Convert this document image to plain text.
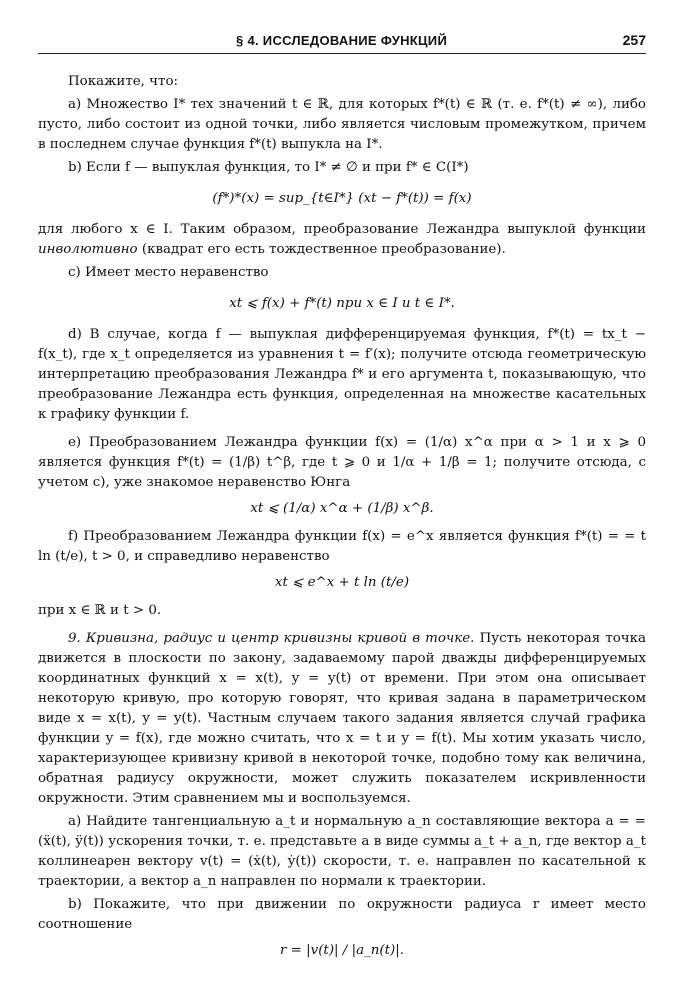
§ 4. ИССЛЕДОВАНИЕ ФУНКЦИЙ	257

Покажите, что:

a) Множество I* тех значений t ∈ ℝ, для которых f*(t) ∈ ℝ (т. е. f*(t) ≠ ∞), либо пусто, либо состоит из одной точки, либо является числовым промежутком, причем в последнем случае функция f*(t) выпукла на I*.

b) Если f — выпуклая функция, то I* ≠ ∅ и при f* ∈ C(I*)

(f*)*(x) = sup_{t∈I*} (xt − f*(t)) = f(x)

для любого x ∈ I. Таким образом, преобразование Лежандра выпуклой функции инволютивно (квадрат его есть тождественное преобразование).

c) Имеет место неравенство

xt ⩽ f(x) + f*(t) при x ∈ I и t ∈ I*.

d) В случае, когда f — выпуклая дифференцируемая функция, f*(t) = tx_t − f(x_t), где x_t определяется из уравнения t = f′(x); получите отсюда геометрическую интерпретацию преобразования Лежандра f* и его аргумента t, показывающую, что преобразование Лежандра есть функция, определенная на множестве касательных к графику функции f.

e) Преобразованием Лежандра функции f(x) = (1/α) x^α при α > 1 и x ⩾ 0 является функция f*(t) = (1/β) t^β, где t ⩾ 0 и 1/α + 1/β = 1; получите отсюда, с учетом c), уже знакомое неравенство Юнга

xt ⩽ (1/α) x^α + (1/β) x^β.

f) Преобразованием Лежандра функции f(x) = e^x является функция f*(t) = = t ln (t/e), t > 0, и справедливо неравенство

xt ⩽ e^x + t ln (t/e)

при x ∈ ℝ и t > 0.

9. Кривизна, радиус и центр кривизны кривой в точке. Пусть некоторая точка движется в плоскости по закону, задаваемому парой дважды дифференцируемых координатных функций x = x(t), y = y(t) от времени. При этом она описывает некоторую кривую, про которую говорят, что кривая задана в параметрическом виде x = x(t), y = y(t). Частным случаем такого задания является случай графика функции y = f(x), где можно считать, что x = t и y = f(t). Мы хотим указать число, характеризующее кривизну кривой в некоторой точке, подобно тому как величина, обратная радиусу окружности, может служить показателем искривленности окружности. Этим сравнением мы и воспользуемся.

a) Найдите тангенциальную a_t и нормальную a_n составляющие вектора a = = (ẍ(t), ÿ(t)) ускорения точки, т. е. представьте a в виде суммы a_t + a_n, где вектор a_t коллинеарен вектору v(t) = (ẋ(t), ẏ(t)) скорости, т. е. направлен по касательной к траектории, а вектор a_n направлен по нормали к траектории.

b) Покажите, что при движении по окружности радиуса r имеет место соотношение

r = |v(t)| / |a_n(t)|.
